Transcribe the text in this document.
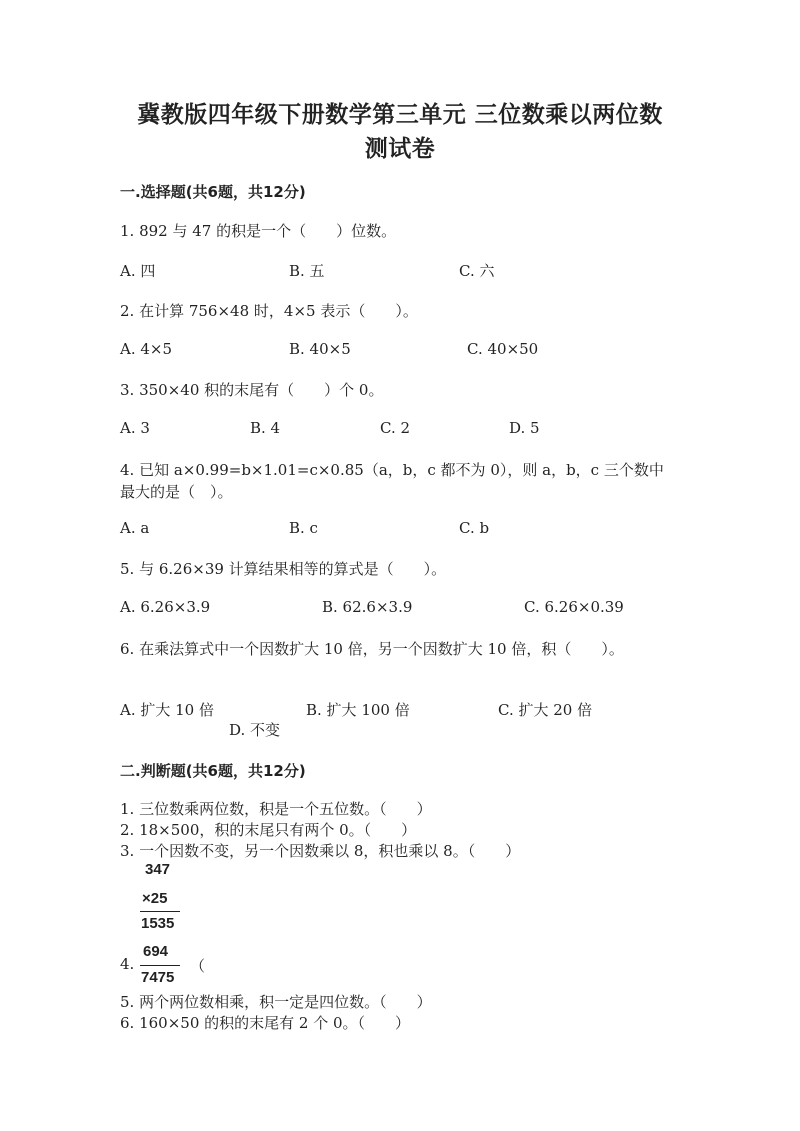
冀教版四年级下册数学第三单元 三位数乘以两位数
测试卷
一.选择题(共6题，共12分)
1. 892 与 47 的积是一个（　　）位数。
A. 四	B. 五	C. 六
2. 在计算 756×48 时，4×5 表示（　　）。
A. 4×5	B. 40×5	C. 40×50
3. 350×40 积的末尾有（　　）个 0。
A. 3	B. 4	C. 2	D. 5
4. 已知 a×0.99=b×1.01=c×0.85（a，b，c 都不为 0），则 a，b，c 三个数中
最大的是（　）。
A. a	B. c	C. b
5. 与 6.26×39 计算结果相等的算式是（　　）。
A. 6.26×3.9	B. 62.6×3.9	C. 6.26×0.39
6. 在乘法算式中一个因数扩大 10 倍，另一个因数扩大 10 倍，积（　　）。
A. 扩大 10 倍	B. 扩大 100 倍	C. 扩大 20 倍
D. 不变
二.判断题(共6题，共12分)
1. 三位数乘两位数，积是一个五位数。（　　）
2. 18×500，积的末尾只有两个 0。（　　）
3. 一个因数不变，另一个因数乘以 8，积也乘以 8。（　　）
347
×25
1535
4.
694
7475
（
5. 两个两位数相乘，积一定是四位数。（　　）
6. 160×50 的积的末尾有 2 个 0。（　　）
